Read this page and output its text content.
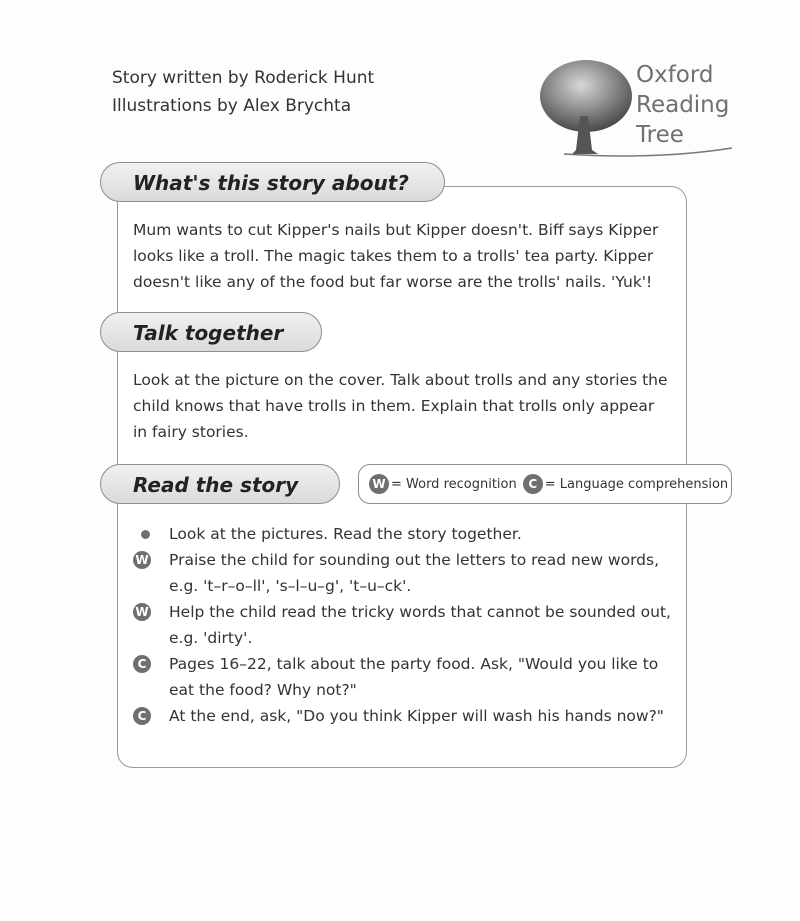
Story written by Roderick Hunt
Illustrations by Alex Brychta
Oxford
Reading
Tree
What's this story about?
Mum wants to cut Kipper's nails but Kipper doesn't. Biff says Kipper looks like a troll. The magic takes them to a trolls' tea party. Kipper doesn't like any of the food but far worse are the trolls' nails. 'Yuk'!
Talk together
Look at the picture on the cover. Talk about trolls and any stories the child knows that have trolls in them. Explain that trolls only appear in fairy stories.
Read the story	W = Word recognition C = Language comprehension
Look at the pictures. Read the story together.
W Praise the child for sounding out the letters to read new words, e.g. 't–r–o–ll', 's–l–u–g', 't–u–ck'.
W Help the child read the tricky words that cannot be sounded out, e.g. 'dirty'.
C Pages 16–22, talk about the party food. Ask, "Would you like to eat the food? Why not?"
C At the end, ask, "Do you think Kipper will wash his hands now?"
